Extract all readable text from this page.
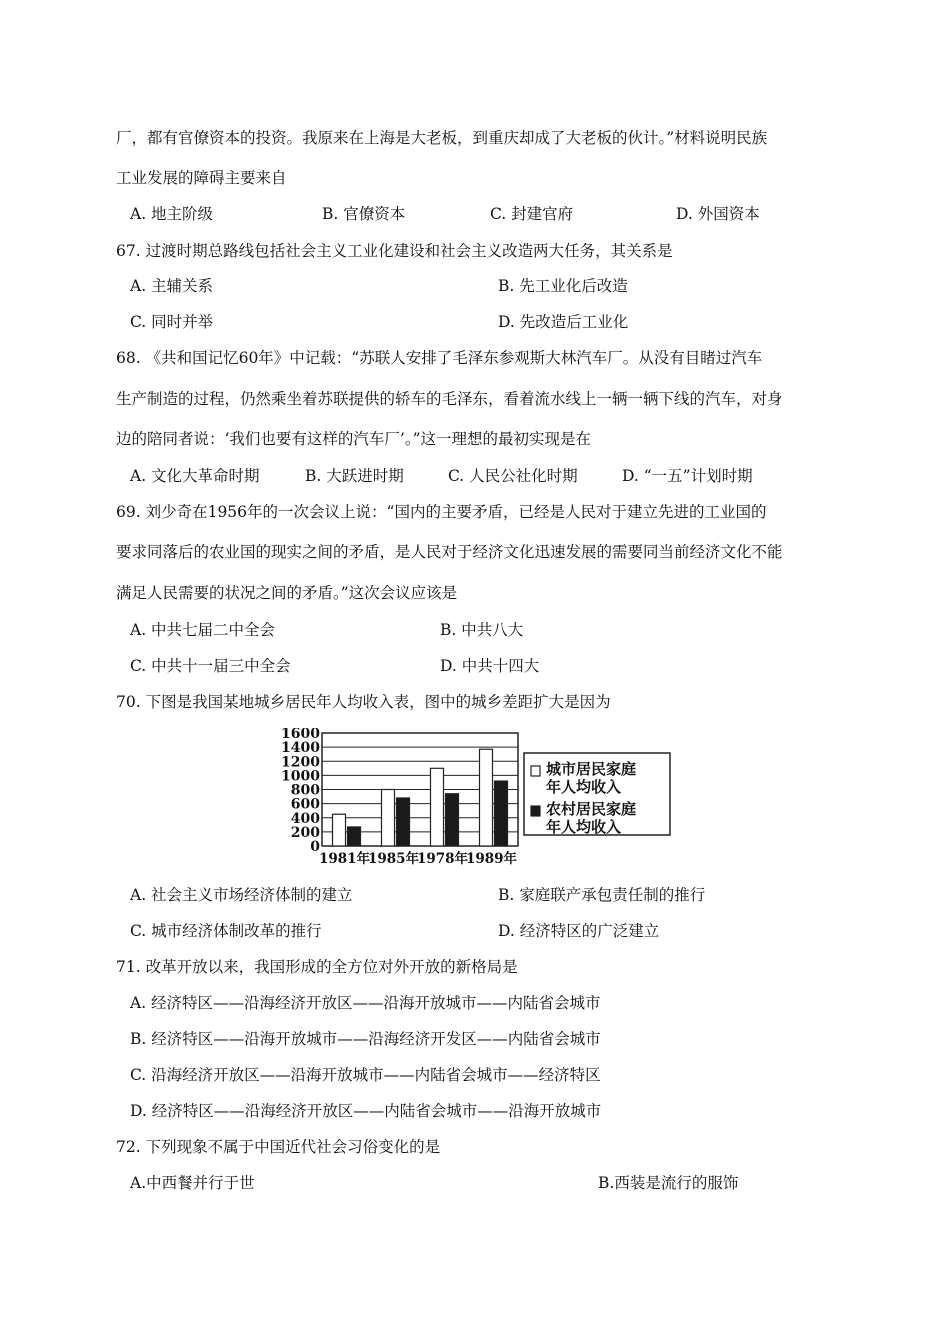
厂，都有官僚资本的投资。我原来在上海是大老板，到重庆却成了大老板的伙计。”材料说明民族
工业发展的障碍主要来自
A. 地主阶级	B. 官僚资本	C. 封建官府	D. 外国资本
67. 过渡时期总路线包括社会主义工业化建设和社会主义改造两大任务，其关系是
A. 主辅关系	B. 先工业化后改造
C. 同时并举	D. 先改造后工业化
68. 《共和国记忆60年》中记载：“苏联人安排了毛泽东参观斯大林汽车厂。从没有目睹过汽车
生产制造的过程，仍然乘坐着苏联提供的轿车的毛泽东，看着流水线上一辆一辆下线的汽车，对身
边的陪同者说：‘我们也要有这样的汽车厂’。”这一理想的最初实现是在
A. 文化大革命时期	B. 大跃进时期	C. 人民公社化时期	D. “一五”计划时期
69. 刘少奇在1956年的一次会议上说：“国内的主要矛盾，已经是人民对于建立先进的工业国的
要求同落后的农业国的现实之间的矛盾，是人民对于经济文化迅速发展的需要同当前经济文化不能
满足人民需要的状况之间的矛盾。”这次会议应该是
A. 中共七届二中全会	B. 中共八大
C. 中共十一届三中全会	D. 中共十四大
70. 下图是我国某地城乡居民年人均收入表，图中的城乡差距扩大是因为
1600
1400
1200
1000
800
600
400
200
0
1981年
1985年
1978年
1989年
城市居民家庭
年人均收入
农村居民家庭
年人均收入
A. 社会主义市场经济体制的建立	B. 家庭联产承包责任制的推行
C. 城市经济体制改革的推行	D. 经济特区的广泛建立
71. 改革开放以来，我国形成的全方位对外开放的新格局是
A. 经济特区——沿海经济开放区——沿海开放城市——内陆省会城市
B. 经济特区——沿海开放城市——沿海经济开发区——内陆省会城市
C. 沿海经济开放区——沿海开放城市——内陆省会城市——经济特区
D. 经济特区——沿海经济开放区——内陆省会城市——沿海开放城市
72. 下列现象不属于中国近代社会习俗变化的是
A.中西餐并行于世	B.西装是流行的服饰
